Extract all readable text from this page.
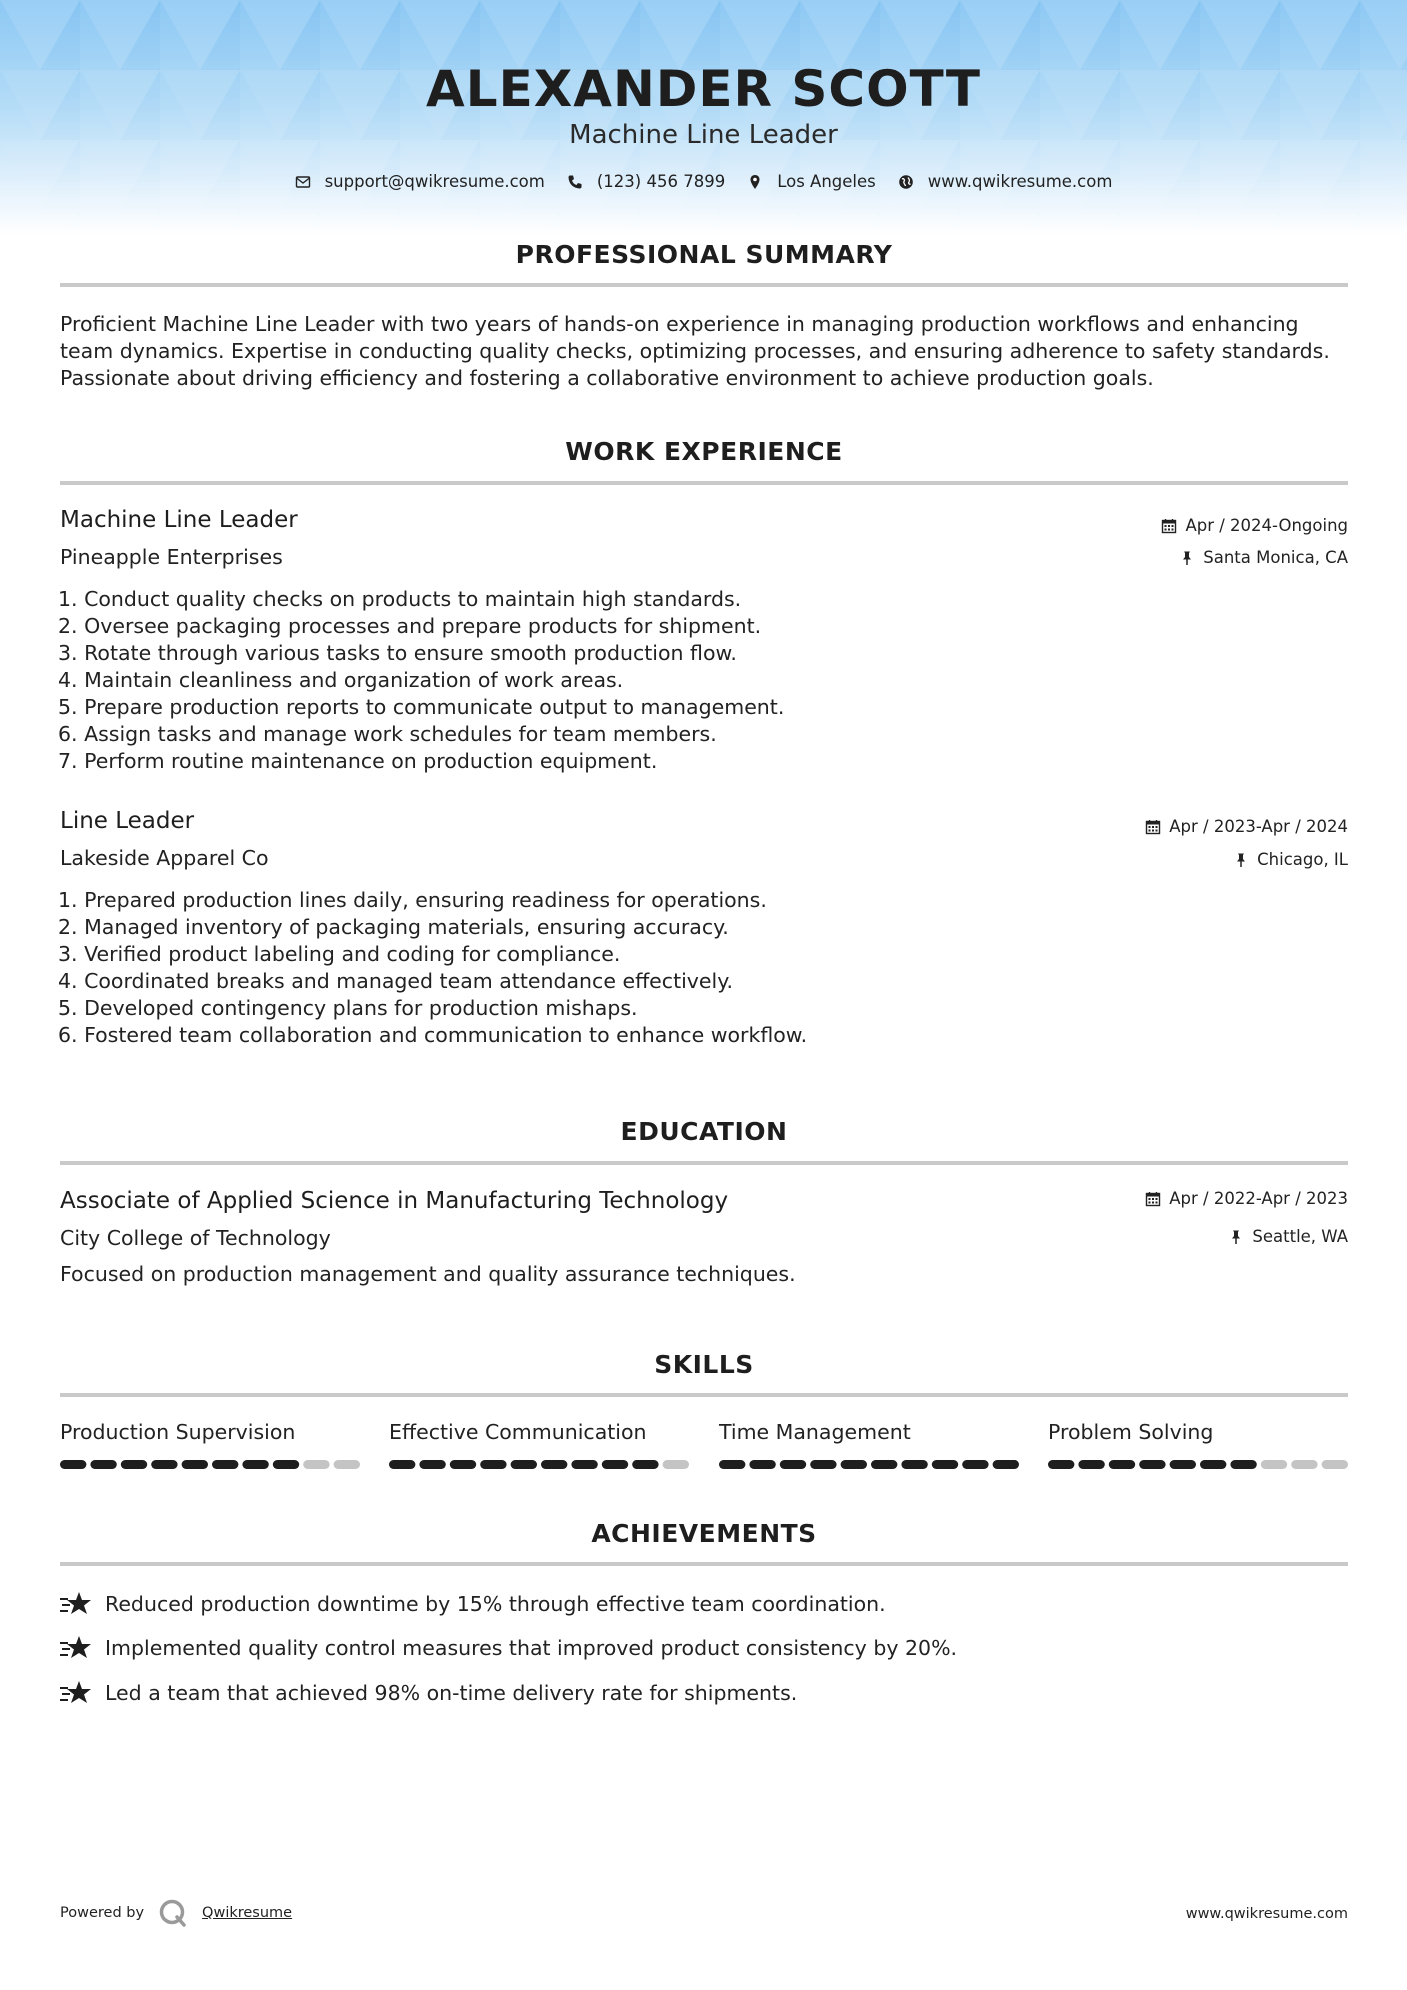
ALEXANDER SCOTT
Machine Line Leader
support@qwikresume.com	(123) 456 7899	Los Angeles	www.qwikresume.com
PROFESSIONAL SUMMARY
Proficient Machine Line Leader with two years of hands-on experience in managing production workflows and enhancing team dynamics. Expertise in conducting quality checks, optimizing processes, and ensuring adherence to safety standards. Passionate about driving efficiency and fostering a collaborative environment to achieve production goals.
WORK EXPERIENCE
Machine Line Leader
Pineapple Enterprises
Apr / 2024-Ongoing
Santa Monica, CA
1. Conduct quality checks on products to maintain high standards.
2. Oversee packaging processes and prepare products for shipment.
3. Rotate through various tasks to ensure smooth production flow.
4. Maintain cleanliness and organization of work areas.
5. Prepare production reports to communicate output to management.
6. Assign tasks and manage work schedules for team members.
7. Perform routine maintenance on production equipment.
Line Leader
Lakeside Apparel Co
Apr / 2023-Apr / 2024
Chicago, IL
1. Prepared production lines daily, ensuring readiness for operations.
2. Managed inventory of packaging materials, ensuring accuracy.
3. Verified product labeling and coding for compliance.
4. Coordinated breaks and managed team attendance effectively.
5. Developed contingency plans for production mishaps.
6. Fostered team collaboration and communication to enhance workflow.
EDUCATION
Associate of Applied Science in Manufacturing Technology
City College of Technology
Apr / 2022-Apr / 2023
Seattle, WA
Focused on production management and quality assurance techniques.
SKILLS
Production Supervision	Effective Communication	Time Management	Problem Solving
ACHIEVEMENTS
Reduced production downtime by 15% through effective team coordination.
Implemented quality control measures that improved product consistency by 20%.
Led a team that achieved 98% on-time delivery rate for shipments.
Powered by	Qwikresume	www.qwikresume.com
